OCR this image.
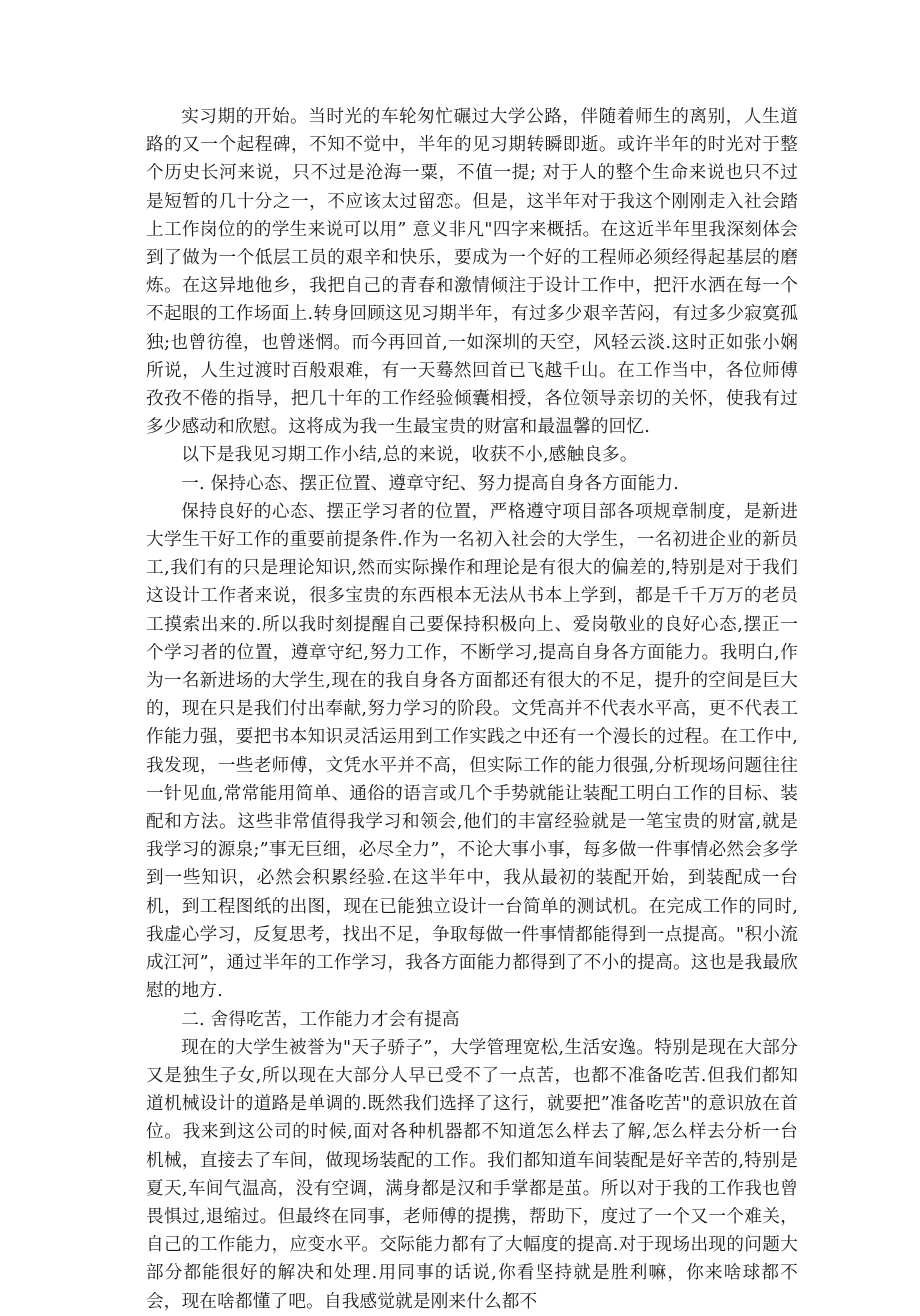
实习期的开始。当时光的车轮匆忙碾过大学公路，伴随着师生的离别，人生道路的又一个起程碑，不知不觉中，半年的见习期转瞬即逝。或许半年的时光对于整个历史长河来说，只不过是沧海一粟，不值一提; 对于人的整个生命来说也只不过是短暂的几十分之一，不应该太过留恋。但是，这半年对于我这个刚刚走入社会踏上工作岗位的的学生来说可以用” 意义非凡"四字来概括。在这近半年里我深刻体会到了做为一个低层工员的艰辛和快乐，要成为一个好的工程师必须经得起基层的磨炼。在这异地他乡，我把自己的青春和激情倾注于设计工作中，把汗水洒在每一个不起眼的工作场面上.转身回顾这见习期半年，有过多少艰辛苦闷，有过多少寂寞孤独;也曾彷徨，也曾迷惘。而今再回首,一如深圳的天空，风轻云淡.这时正如张小娴所说，人生过渡时百般艰难，有一天蓦然回首已飞越千山。在工作当中，各位师傅孜孜不倦的指导，把几十年的工作经验倾囊相授，各位领导亲切的关怀，使我有过多少感动和欣慰。这将成为我一生最宝贵的财富和最温馨的回忆.

以下是我见习期工作小结,总的来说，收获不小,感触良多。

一. 保持心态、摆正位置、遵章守纪、努力提高自身各方面能力.

保持良好的心态、摆正学习者的位置，严格遵守项目部各项规章制度，是新进大学生干好工作的重要前提条件.作为一名初入社会的大学生，一名初进企业的新员工,我们有的只是理论知识,然而实际操作和理论是有很大的偏差的,特别是对于我们这设计工作者来说，很多宝贵的东西根本无法从书本上学到，都是千千万万的老员工摸索出来的.所以我时刻提醒自己要保持积极向上、爱岗敬业的良好心态,摆正一个学习者的位置，遵章守纪,努力工作，不断学习,提高自身各方面能力。我明白,作为一名新进场的大学生,现在的我自身各方面都还有很大的不足，提升的空间是巨大的，现在只是我们付出奉献,努力学习的阶段。文凭高并不代表水平高，更不代表工作能力强，要把书本知识灵活运用到工作实践之中还有一个漫长的过程。在工作中,我发现，一些老师傅，文凭水平并不高，但实际工作的能力很强,分析现场问题往往一针见血,常常能用简单、通俗的语言或几个手势就能让装配工明白工作的目标、装配和方法。这些非常值得我学习和领会,他们的丰富经验就是一笔宝贵的财富,就是我学习的源泉;”事无巨细，必尽全力”，不论大事小事，每多做一件事情必然会多学到一些知识，必然会积累经验.在这半年中，我从最初的装配开始，到装配成一台机，到工程图纸的出图，现在已能独立设计一台简单的测试机。在完成工作的同时,我虚心学习，反复思考，找出不足，争取每做一件事情都能得到一点提高。"积小流成江河”，通过半年的工作学习，我各方面能力都得到了不小的提高。这也是我最欣慰的地方.

二. 舍得吃苦，工作能力才会有提高

现在的大学生被誉为"天子骄子”，大学管理宽松,生活安逸。特别是现在大部分又是独生子女,所以现在大部分人早已受不了一点苦，也都不准备吃苦.但我们都知道机械设计的道路是单调的.既然我们选择了这行，就要把”准备吃苦"的意识放在首位。我来到这公司的时候,面对各种机器都不知道怎么样去了解,怎么样去分析一台机械，直接去了车间，做现场装配的工作。我们都知道车间装配是好辛苦的,特别是夏天,车间气温高，没有空调，满身都是汉和手掌都是茧。所以对于我的工作我也曾畏惧过,退缩过。但最终在同事，老师傅的提携，帮助下，度过了一个又一个难关，自己的工作能力，应变水平。交际能力都有了大幅度的提高.对于现场出现的问题大部分都能很好的解决和处理.用同事的话说,你看坚持就是胜利嘛，你来啥球都不会，现在啥都懂了吧。自我感觉就是刚来什么都不
